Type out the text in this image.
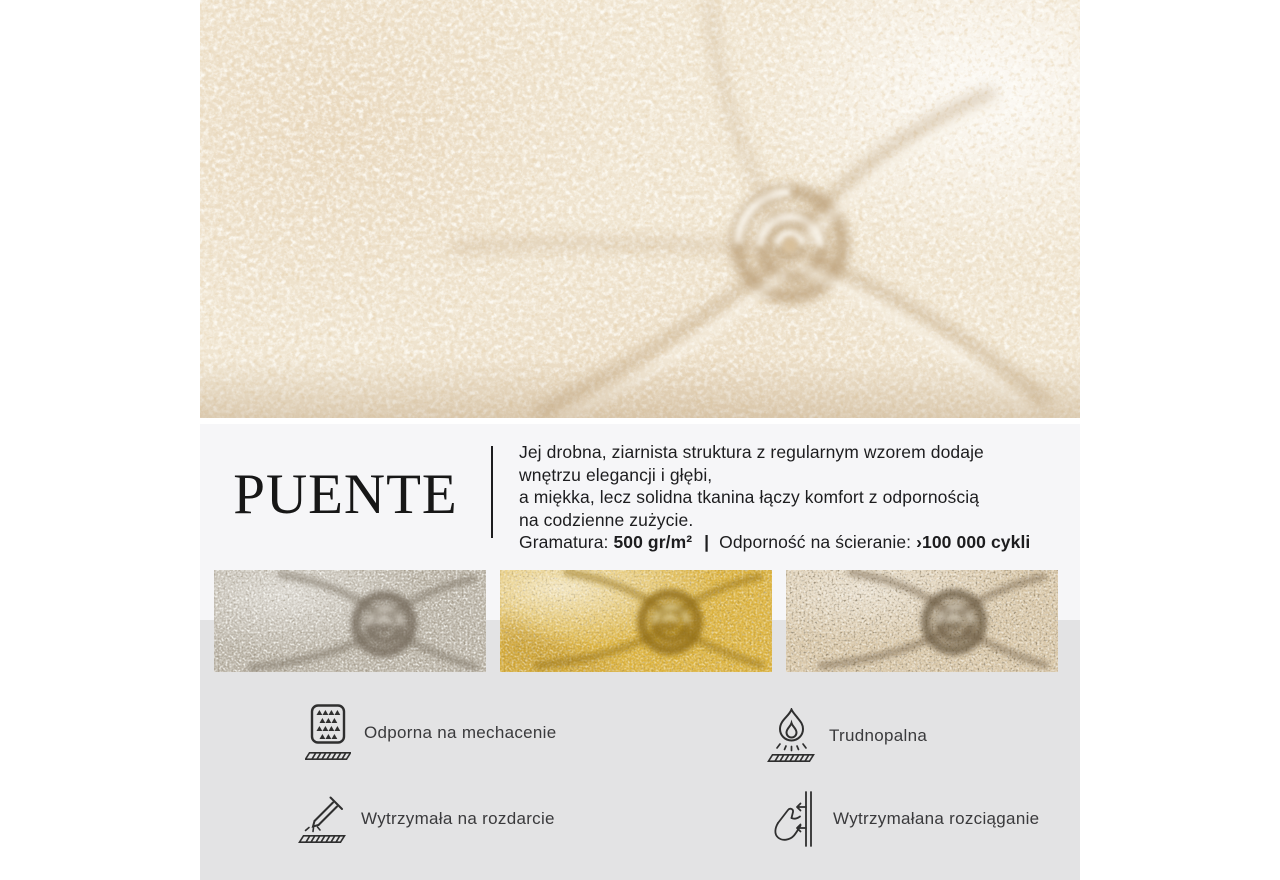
PUENTE
Jej drobna, ziarnista struktura z regularnym wzorem dodaje
wnętrzu elegancji i głębi,
a miękka, lecz solidna tkanina łączy komfort z odpornością
na codzienne zużycie.
Gramatura: 500 gr/m² | Odporność na ścieranie: ›100 000 cykli
Odporna na mechacenie	Trudnopalna
Wytrzymała na rozdarcie	Wytrzymałana rozciąganie
